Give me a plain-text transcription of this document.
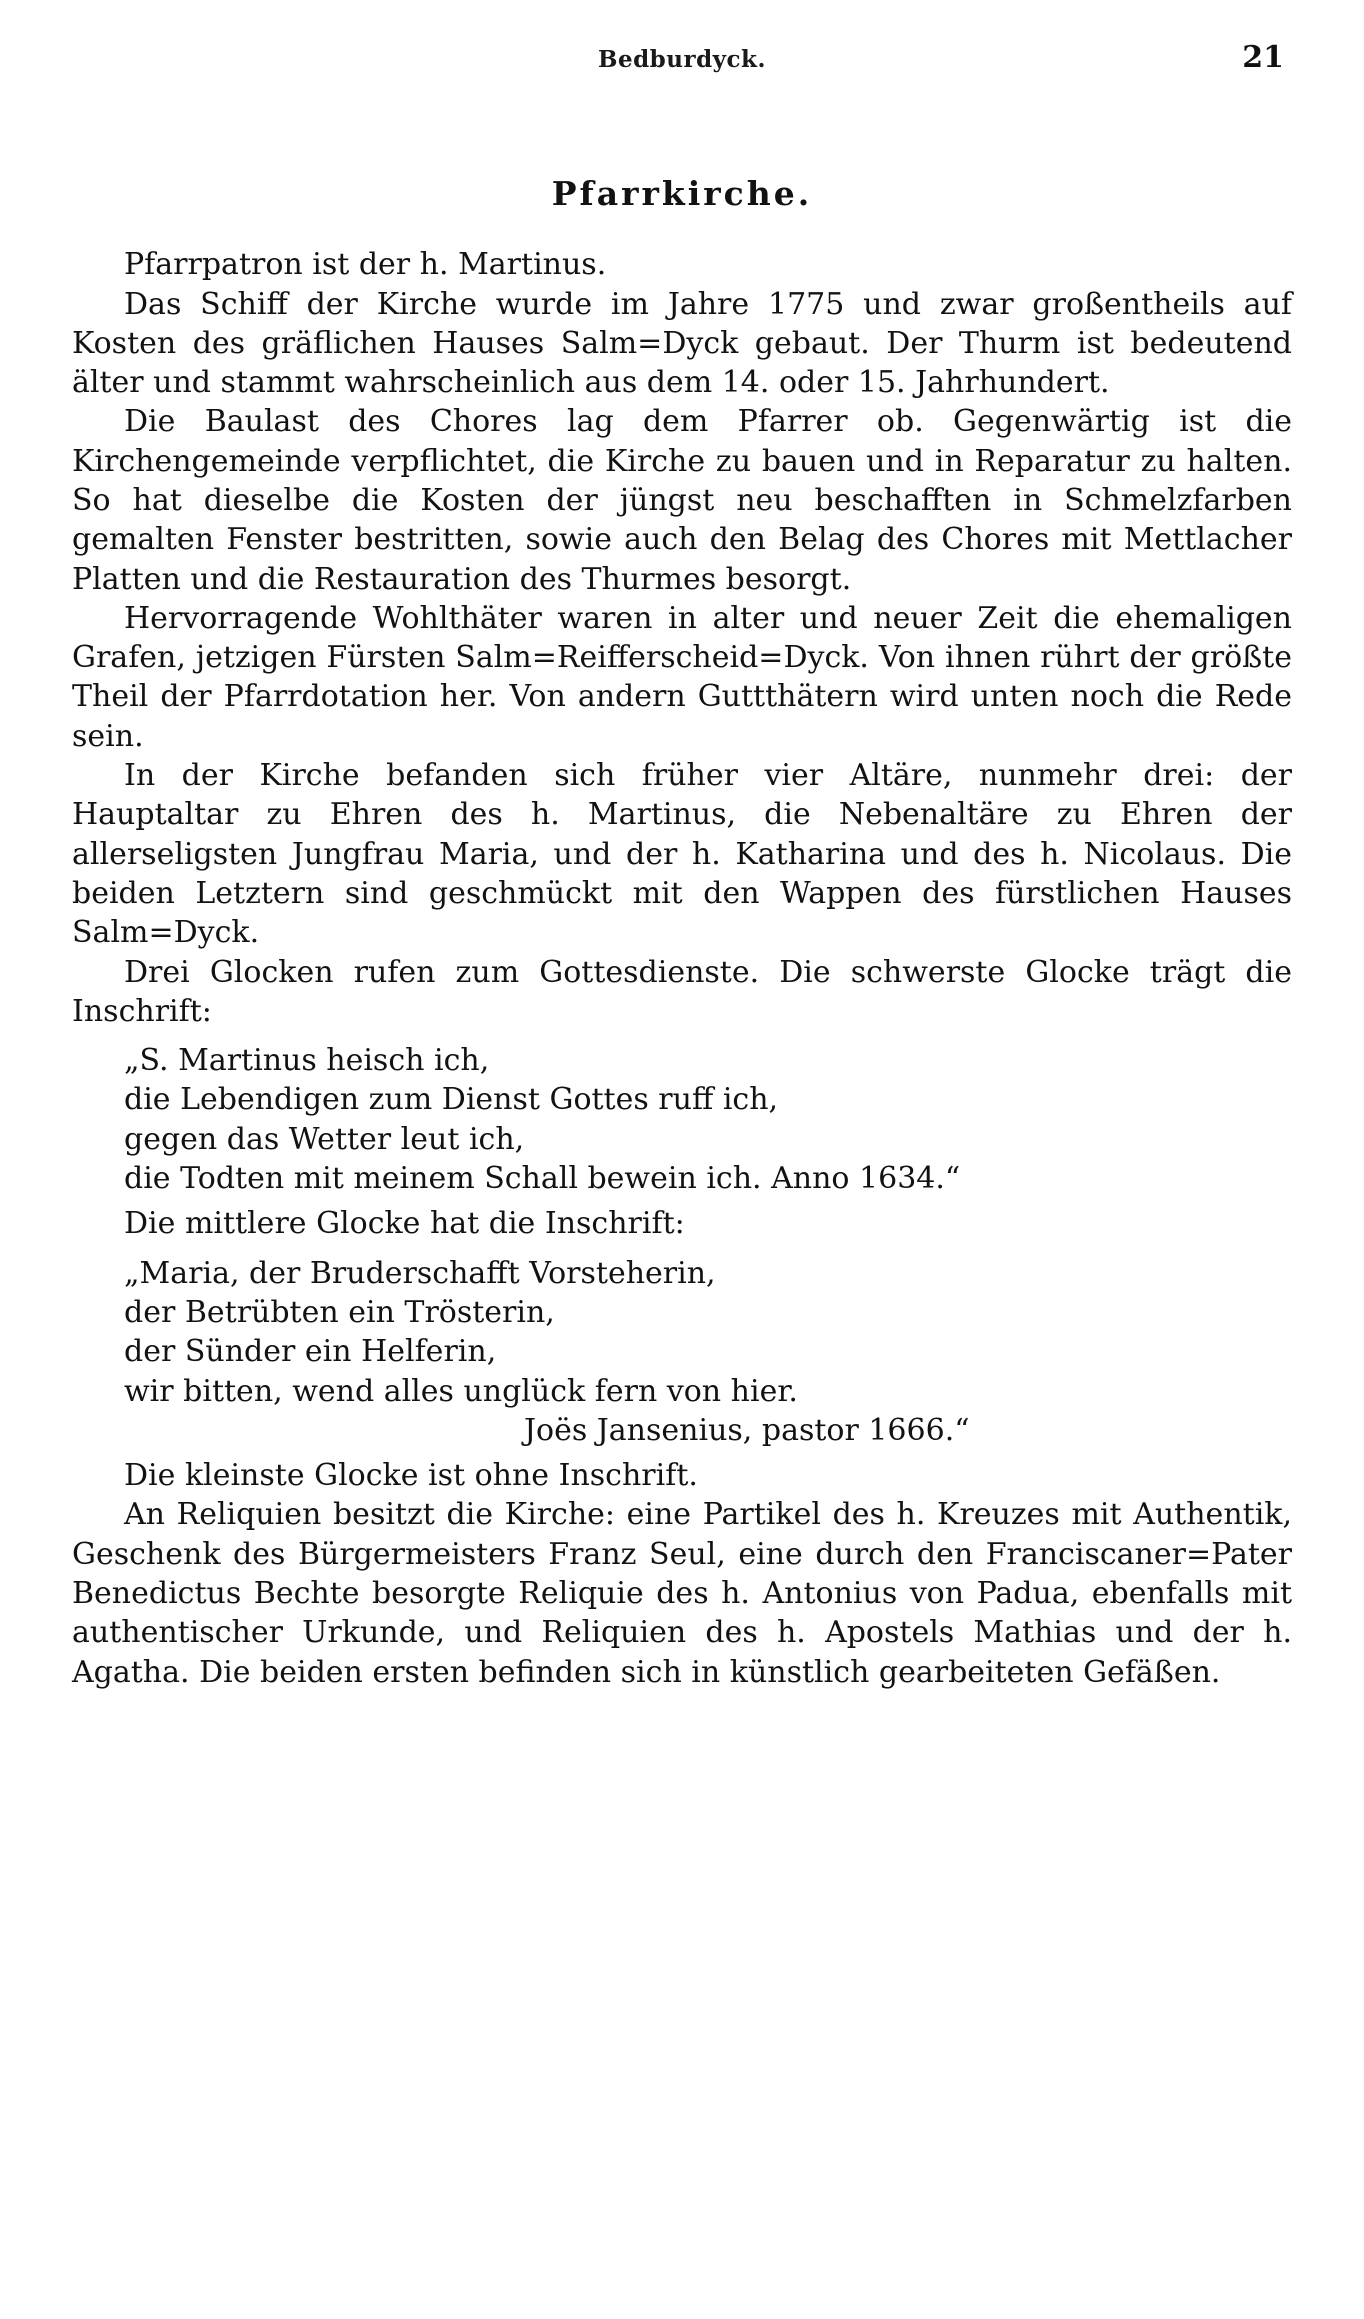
Bedburdyck.	21
Pfarrkirche.

Pfarrpatron ist der h. Martinus.

Das Schiff der Kirche wurde im Jahre 1775 und zwar großentheils auf Kosten des gräflichen Hauses Salm=Dyck gebaut. Der Thurm ist bedeutend älter und stammt wahrscheinlich aus dem 14. oder 15. Jahrhundert.

Die Baulast des Chores lag dem Pfarrer ob. Gegenwärtig ist die Kirchengemeinde verpflichtet, die Kirche zu bauen und in Reparatur zu halten. So hat dieselbe die Kosten der jüngst neu beschafften in Schmelzfarben gemalten Fenster bestritten, sowie auch den Belag des Chores mit Mettlacher Platten und die Restauration des Thurmes besorgt.

Hervorragende Wohlthäter waren in alter und neuer Zeit die ehemaligen Grafen, jetzigen Fürsten Salm=Reifferscheid=Dyck. Von ihnen rührt der größte Theil der Pfarrdotation her. Von andern Guttthätern wird unten noch die Rede sein.

In der Kirche befanden sich früher vier Altäre, nunmehr drei: der Hauptaltar zu Ehren des h. Martinus, die Nebenaltäre zu Ehren der allerseligsten Jungfrau Maria, und der h. Katharina und des h. Nicolaus. Die beiden Letztern sind geschmückt mit den Wappen des fürstlichen Hauses Salm=Dyck.

Drei Glocken rufen zum Gottesdienste. Die schwerste Glocke trägt die Inschrift:

„S. Martinus heisch ich,

die Lebendigen zum Dienst Gottes ruff ich,

gegen das Wetter leut ich,

die Todten mit meinem Schall bewein ich. Anno 1634.“

Die mittlere Glocke hat die Inschrift:

„Maria, der Bruderschafft Vorsteherin,

der Betrübten ein Trösterin,

der Sünder ein Helferin,

wir bitten, wend alles unglück fern von hier.

Joës Jansenius, pastor 1666.“

Die kleinste Glocke ist ohne Inschrift.

An Reliquien besitzt die Kirche: eine Partikel des h. Kreuzes mit Authentik, Geschenk des Bürgermeisters Franz Seul, eine durch den Franciscaner=Pater Benedictus Bechte besorgte Reliquie des h. Antonius von Padua, ebenfalls mit authentischer Urkunde, und Reliquien des h. Apostels Mathias und der h. Agatha. Die beiden ersten befinden sich in künstlich gearbeiteten Gefäßen.
